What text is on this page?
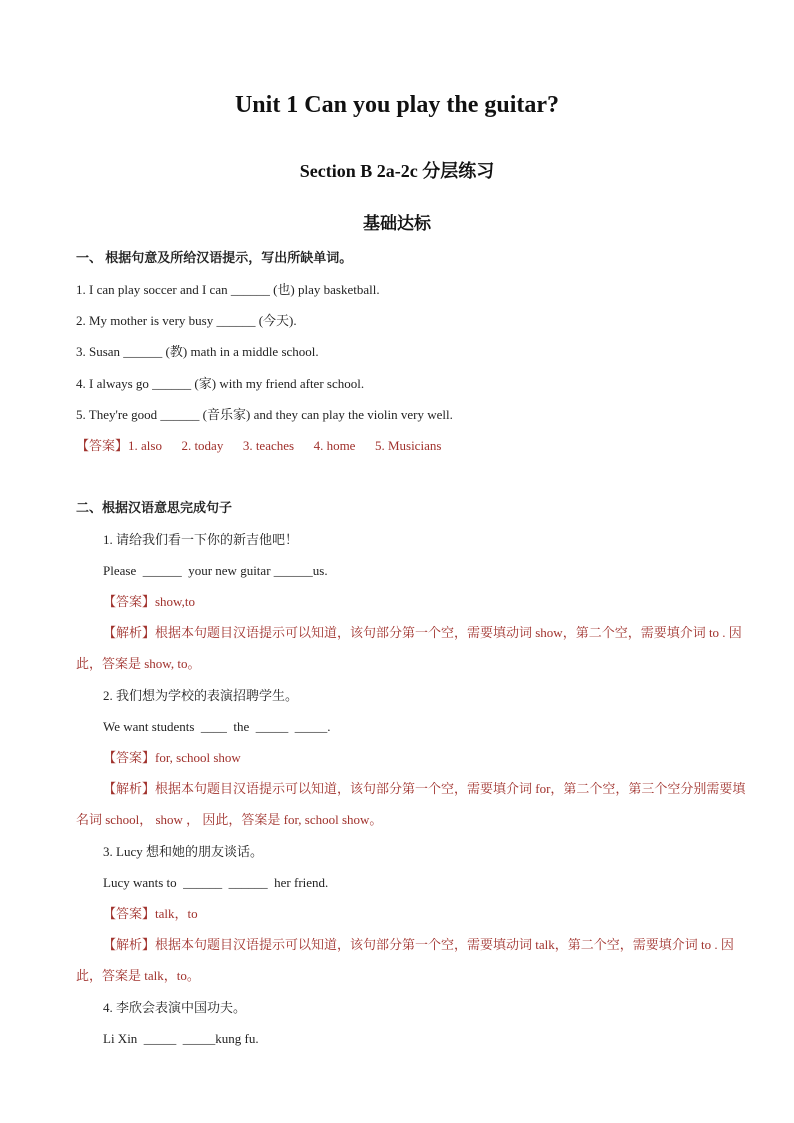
Unit 1 Can you play the guitar?
Section B 2a-2c 分层练习
基础达标
一、 根据句意及所给汉语提示，写出所缺单词。
1. I can play soccer and I can ______ (也) play basketball.
2. My mother is very busy ______ (今天).
3. Susan ______ (教) math in a middle school.
4. I always go ______ (家) with my friend after school.
5. They're good ______ (音乐家) and they can play the violin very well.
【答案】1. also      2. today      3. teaches      4. home      5. Musicians
二、根据汉语意思完成句子
1. 请给我们看一下你的新吉他吧！
Please  ______  your new guitar ______us.
【答案】show,to
【解析】根据本句题目汉语提示可以知道，该句部分第一个空，需要填动词 show，第二个空，需要填介词 to . 因此，答案是 show, to。
2. 我们想为学校的表演招聘学生。
We want students  ____  the  _____  _____.
【答案】for, school show
【解析】根据本句题目汉语提示可以知道，该句部分第一个空，需要填介词 for，第二个空，第三个空分别需要填名词 school， show ， 因此，答案是 for, school show。
3. Lucy 想和她的朋友谈话。
Lucy wants to  ______  ______  her friend.
【答案】talk，to
【解析】根据本句题目汉语提示可以知道，该句部分第一个空，需要填动词 talk，第二个空，需要填介词 to . 因此，答案是 talk，to。
4. 李欣会表演中国功夫。
Li Xin  _____  _____kung fu.
